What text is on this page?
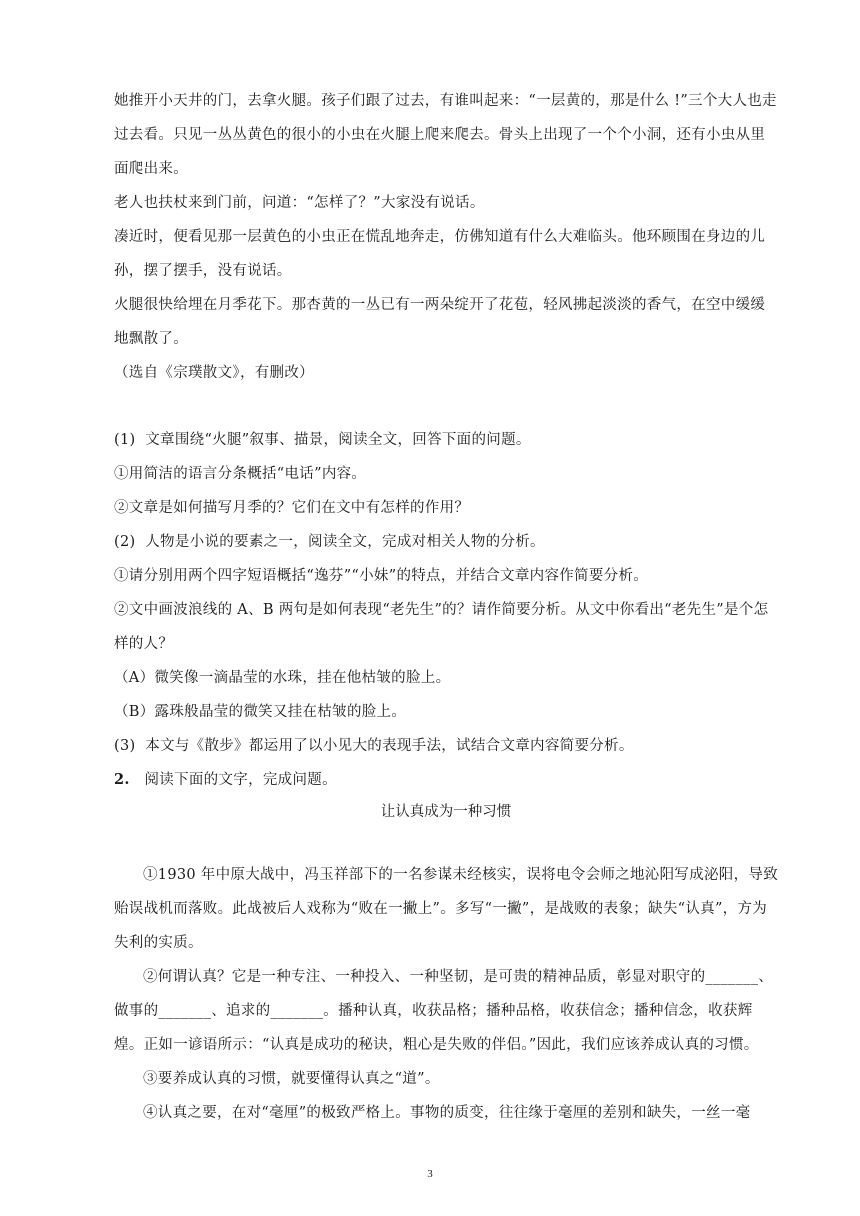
她推开小天井的门，去拿火腿。孩子们跟了过去，有谁叫起来：“一层黄的，那是什么 !”三个大人也走过去看。只见一丛丛黄色的很小的小虫在火腿上爬来爬去。骨头上出现了一个个小洞，还有小虫从里面爬出来。

老人也扶杖来到门前，问道：“怎样了？”大家没有说话。

凑近时，便看见那一层黄色的小虫正在慌乱地奔走，仿佛知道有什么大难临头。他环顾围在身边的儿孙，摆了摆手，没有说话。

火腿很快给埋在月季花下。那杏黄的一丛已有一两朵绽开了花苞，轻风拂起淡淡的香气，在空中缓缓地飘散了。

（选自《宗璞散文》，有删改）

(1)  文章围绕“火腿”叙事、描景，阅读全文，回答下面的问题。

①用简洁的语言分条概括“电话”内容。

②文章是如何描写月季的？它们在文中有怎样的作用？

(2)  人物是小说的要素之一，阅读全文，完成对相关人物的分析。

①请分别用两个四字短语概括“逸芬”“小妹”的特点，并结合文章内容作简要分析。

②文中画波浪线的 A、B 两句是如何表现“老先生”的？请作简要分析。从文中你看出“老先生”是个怎样的人？

（A）微笑像一滴晶莹的水珠，挂在他枯皱的脸上。

（B）露珠般晶莹的微笑又挂在枯皱的脸上。

(3)  本文与《散步》都运用了以小见大的表现手法，试结合文章内容简要分析。

2. 阅读下面的文字，完成问题。

让认真成为一种习惯

①1930 年中原大战中，冯玉祥部下的一名参谋未经核实，误将电令会师之地沁阳写成泌阳，导致贻误战机而落败。此战被后人戏称为“败在一撇上”。多写“一撇”，是战败的表象；缺失“认真”，方为失利的实质。

②何谓认真？它是一种专注、一种投入、一种坚韧，是可贵的精神品质，彰显对职守的_______、做事的_______、追求的_______。播种认真，收获品格；播种品格，收获信念；播种信念，收获辉煌。正如一谚语所示：“认真是成功的秘诀，粗心是失败的伴侣。”因此，我们应该养成认真的习惯。

③要养成认真的习惯，就要懂得认真之“道”。

④认真之要，在对“毫厘”的极致严格上。事物的质变，往往缘于毫厘的差别和缺失，一丝一毫

3
